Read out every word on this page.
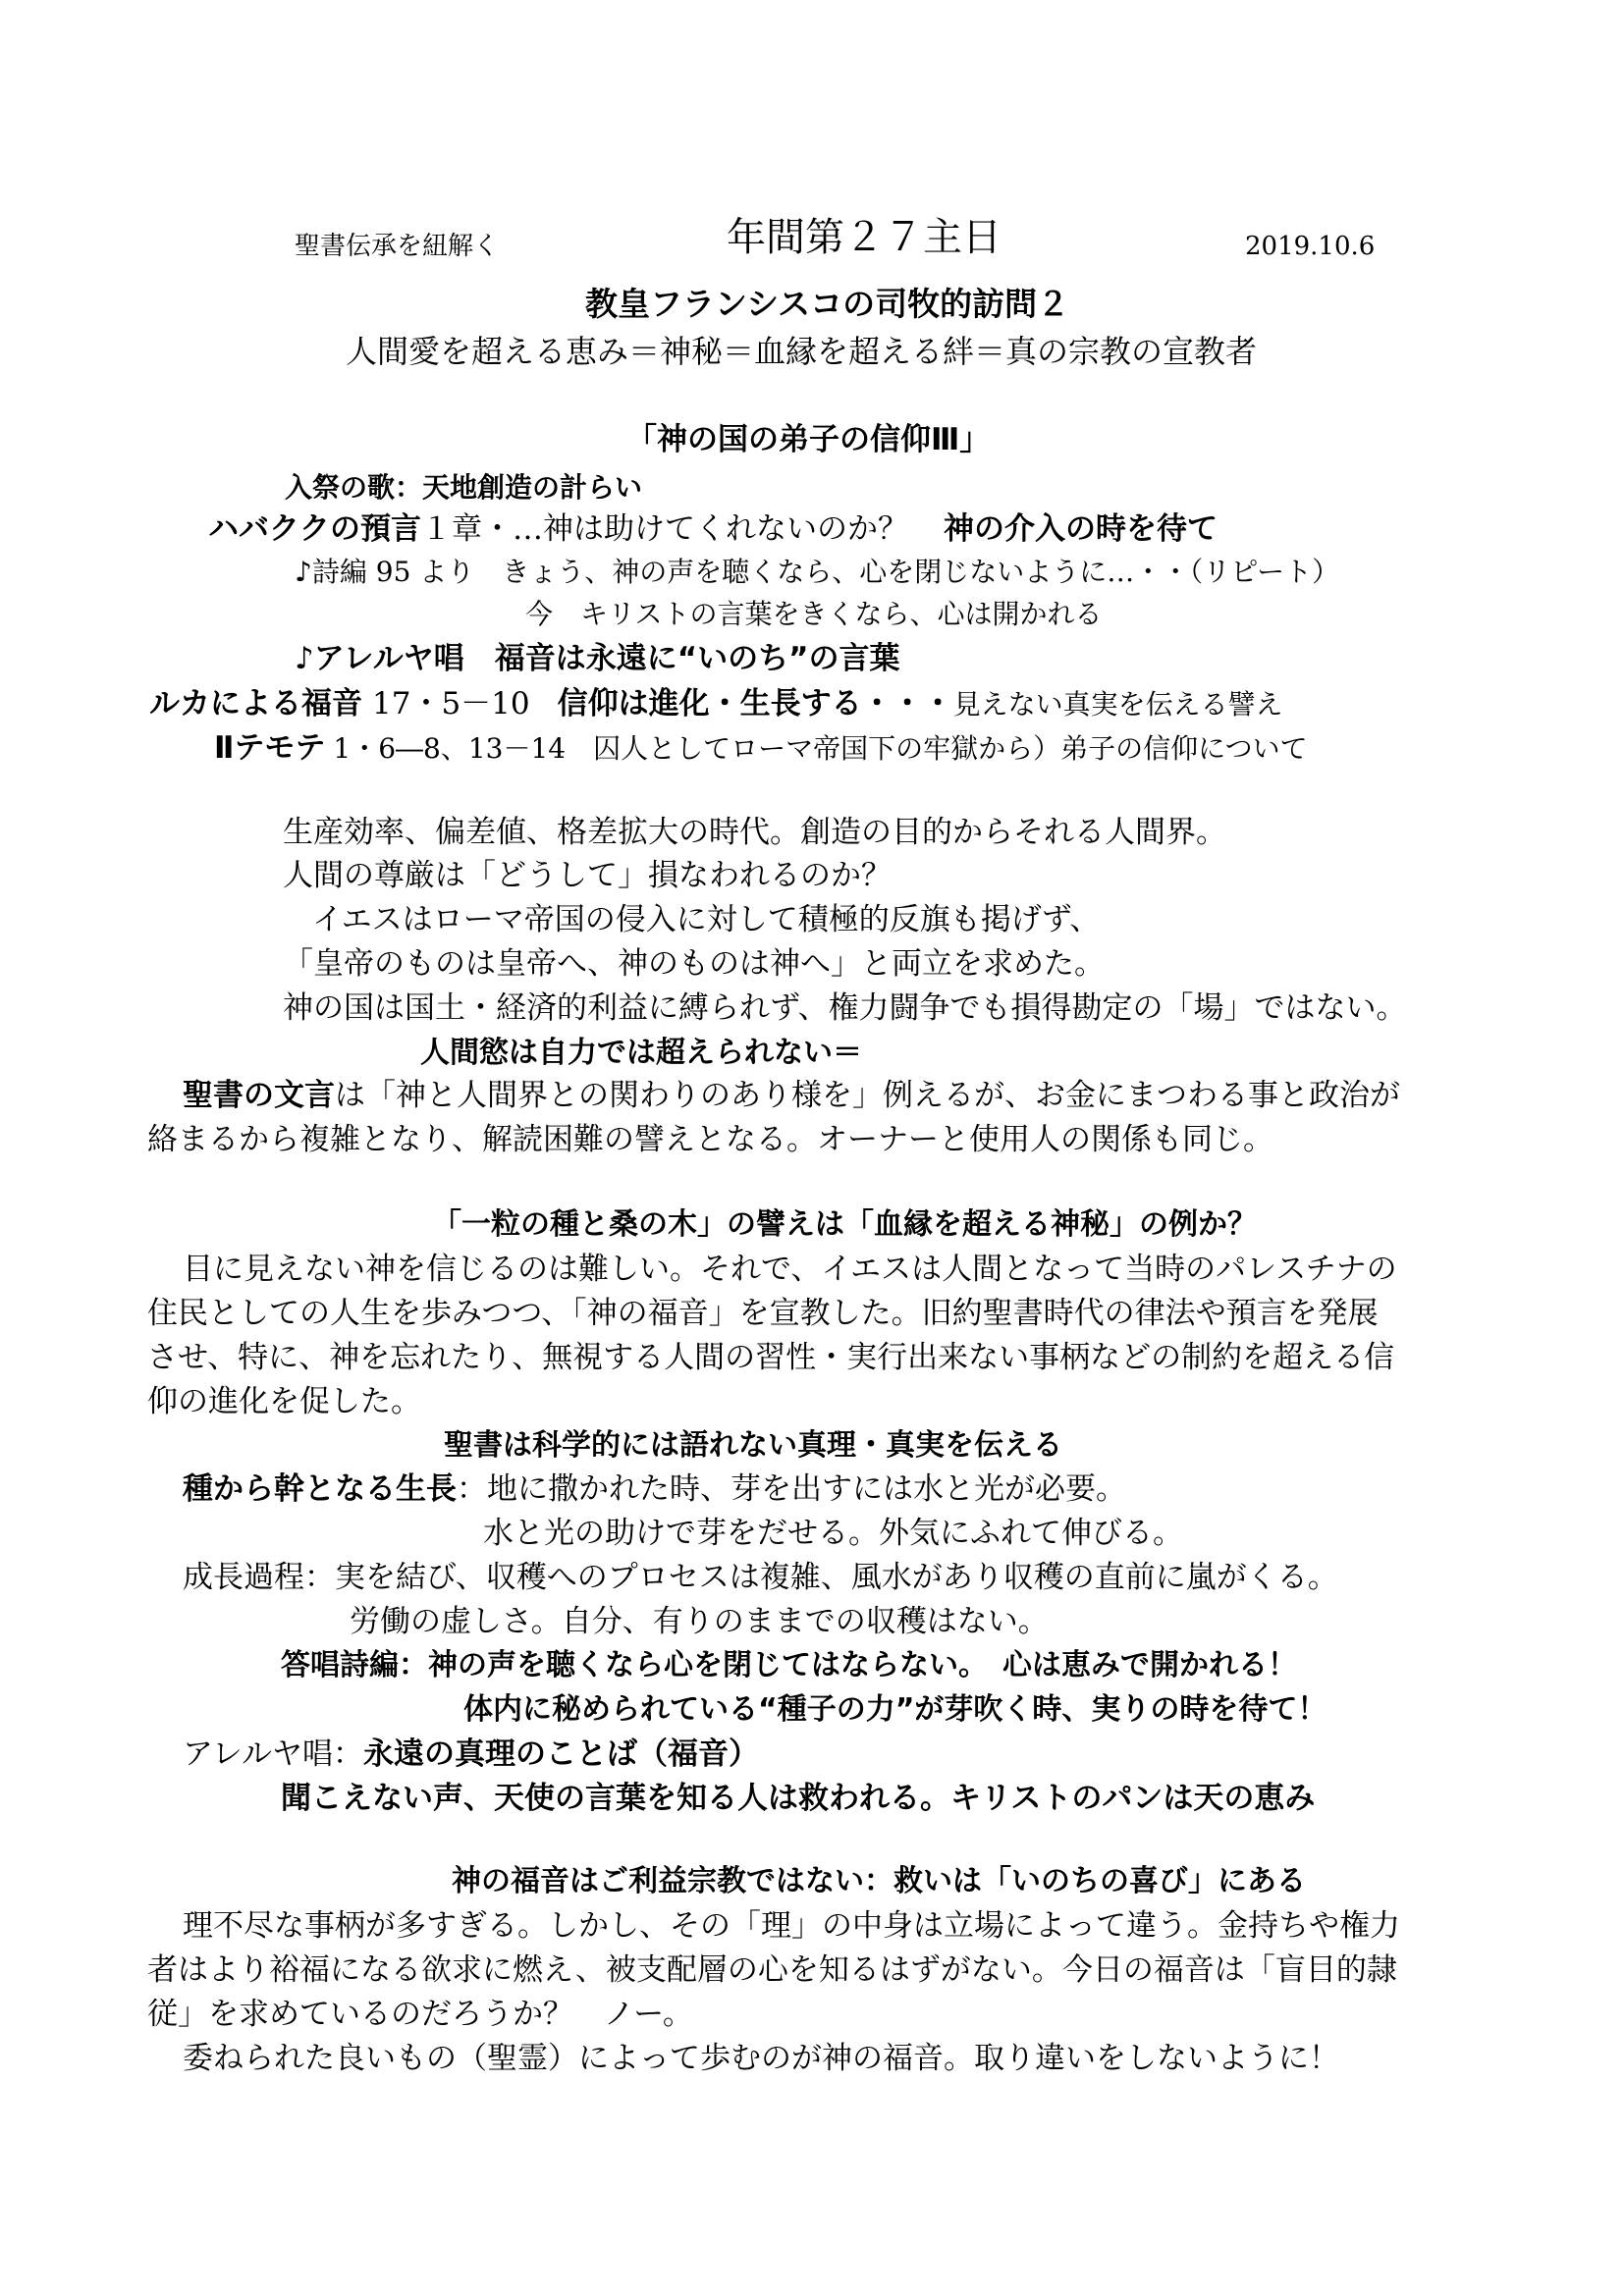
聖書伝承を紐解く	年間第２７主日	2019.10.6
教皇フランシスコの司牧的訪問２
人間愛を超える恵み＝神秘＝血縁を超える絆＝真の宗教の宣教者
「神の国の弟子の信仰Ⅲ」
入祭の歌：天地創造の計らい
ハバククの預言１章・…神は助けてくれないのか？ 神の介入の時を待て
♪詩編 95 より　きょう、神の声を聴くなら、心を閉じないように…・・（リピート）
今　キリストの言葉をきくなら、心は開かれる
♪アレルヤ唱　福音は永遠に“いのち”の言葉
ルカによる福音 17・5－10 信仰は進化・生長する・・・見えない真実を伝える譬え
Ⅱテモテ 1・6―8、13－14　囚人としてローマ帝国下の牢獄から）弟子の信仰について
生産効率、偏差値、格差拡大の時代。創造の目的からそれる人間界。
人間の尊厳は「どうして」損なわれるのか？
イエスはローマ帝国の侵入に対して積極的反旗も掲げず、
「皇帝のものは皇帝へ、神のものは神へ」と両立を求めた。
神の国は国土・経済的利益に縛られず、権力闘争でも損得勘定の「場」ではない。
人間慾は自力では超えられない＝
聖書の文言は「神と人間界との関わりのあり様を」例えるが、お金にまつわる事と政治が
絡まるから複雑となり、解読困難の譬えとなる。オーナーと使用人の関係も同じ。
「一粒の種と桑の木」の譬えは「血縁を超える神秘」の例か？
目に見えない神を信じるのは難しい。それで、イエスは人間となって当時のパレスチナの
住民としての人生を歩みつつ、「神の福音」を宣教した。旧約聖書時代の律法や預言を発展
させ、特に、神を忘れたり、無視する人間の習性・実行出来ない事柄などの制約を超える信
仰の進化を促した。
聖書は科学的には語れない真理・真実を伝える
種から幹となる生長：地に撒かれた時、芽を出すには水と光が必要。
水と光の助けで芽をだせる。外気にふれて伸びる。
成長過程：実を結び、収穫へのプロセスは複雑、風水があり収穫の直前に嵐がくる。
労働の虚しさ。自分、有りのままでの収穫はない。
答唱詩編：神の声を聴くなら心を閉じてはならない。　心は恵みで開かれる！
体内に秘められている“種子の力”が芽吹く時、実りの時を待て！
アレルヤ唱：永遠の真理のことば（福音）
聞こえない声、天使の言葉を知る人は救われる。キリストのパンは天の恵み
神の福音はご利益宗教ではない：救いは「いのちの喜び」にある
理不尽な事柄が多すぎる。しかし、その「理」の中身は立場によって違う。金持ちや権力
者はより裕福になる欲求に燃え、被支配層の心を知るはずがない。今日の福音は「盲目的隷
従」を求めているのだろうか？　ノー。
委ねられた良いもの（聖霊）によって歩むのが神の福音。取り違いをしないように！
